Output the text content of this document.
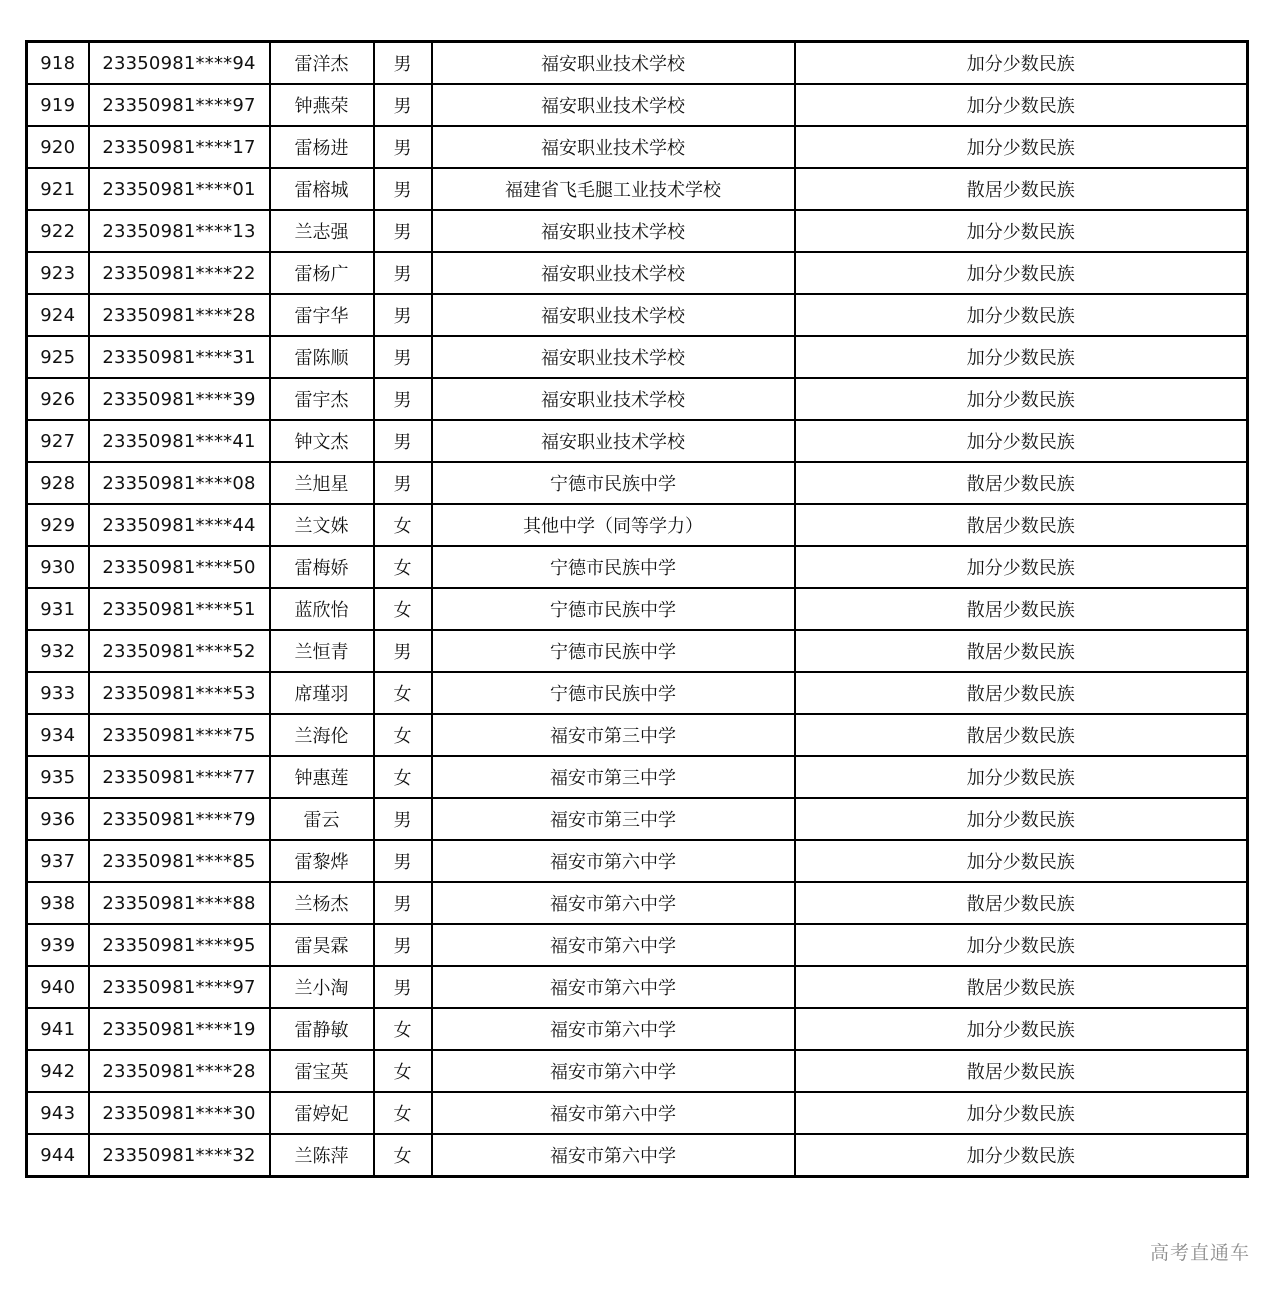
918	23350981****94	雷洋杰	男	福安职业技术学校	加分少数民族
919	23350981****97	钟燕荣	男	福安职业技术学校	加分少数民族
920	23350981****17	雷杨进	男	福安职业技术学校	加分少数民族
921	23350981****01	雷榕城	男	福建省飞毛腿工业技术学校	散居少数民族
922	23350981****13	兰志强	男	福安职业技术学校	加分少数民族
923	23350981****22	雷杨广	男	福安职业技术学校	加分少数民族
924	23350981****28	雷宇华	男	福安职业技术学校	加分少数民族
925	23350981****31	雷陈顺	男	福安职业技术学校	加分少数民族
926	23350981****39	雷宇杰	男	福安职业技术学校	加分少数民族
927	23350981****41	钟文杰	男	福安职业技术学校	加分少数民族
928	23350981****08	兰旭星	男	宁德市民族中学	散居少数民族
929	23350981****44	兰文姝	女	其他中学（同等学力）	散居少数民族
930	23350981****50	雷梅娇	女	宁德市民族中学	加分少数民族
931	23350981****51	蓝欣怡	女	宁德市民族中学	散居少数民族
932	23350981****52	兰恒青	男	宁德市民族中学	散居少数民族
933	23350981****53	席瑾羽	女	宁德市民族中学	散居少数民族
934	23350981****75	兰海伦	女	福安市第三中学	散居少数民族
935	23350981****77	钟惠莲	女	福安市第三中学	加分少数民族
936	23350981****79	雷云	男	福安市第三中学	加分少数民族
937	23350981****85	雷黎烨	男	福安市第六中学	加分少数民族
938	23350981****88	兰杨杰	男	福安市第六中学	散居少数民族
939	23350981****95	雷昊霖	男	福安市第六中学	加分少数民族
940	23350981****97	兰小淘	男	福安市第六中学	散居少数民族
941	23350981****19	雷静敏	女	福安市第六中学	加分少数民族
942	23350981****28	雷宝英	女	福安市第六中学	散居少数民族
943	23350981****30	雷婷妃	女	福安市第六中学	加分少数民族
944	23350981****32	兰陈萍	女	福安市第六中学	加分少数民族
高考直通车
